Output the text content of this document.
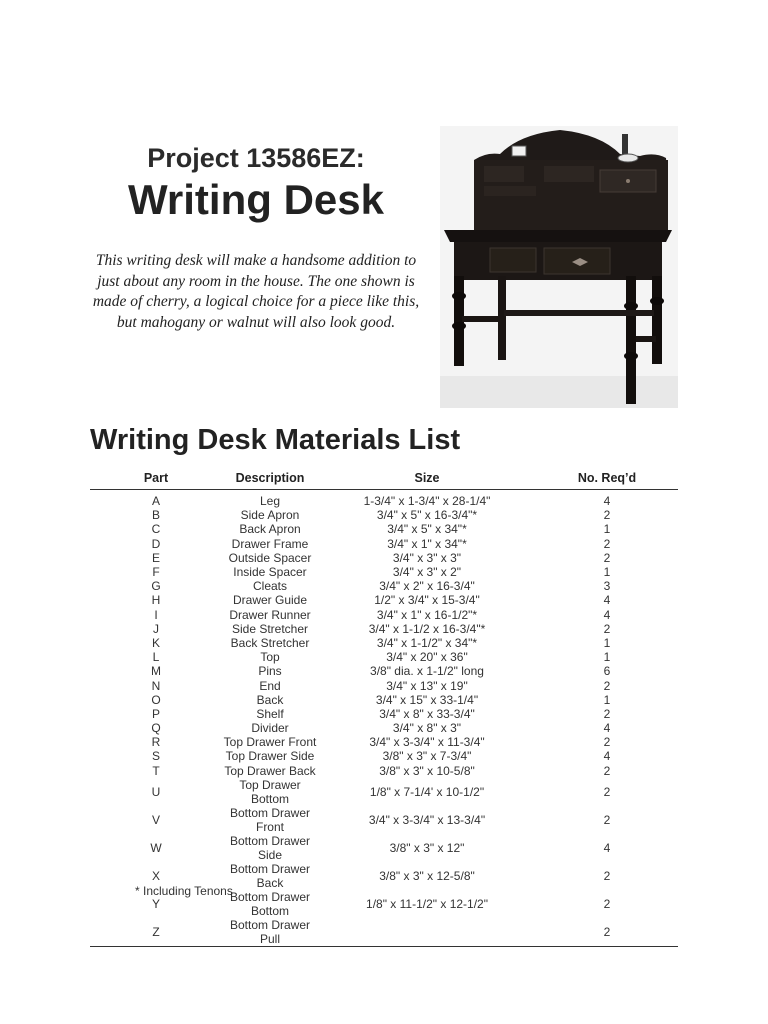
Project 13586EZ:
Writing Desk
This writing desk will make a handsome addition to just about any room in the house. The one shown is made of cherry, a logical choice for a piece like this, but mahogany or walnut will also look good.
Writing Desk Materials List
Part	Description	Size	No. Req’d
A	Leg	1-3/4" x 1-3/4" x 28-1/4"	4
B	Side Apron	3/4" x 5" x 16-3/4"*	2
C	Back Apron	3/4" x 5" x 34"*	1
D	Drawer Frame	3/4" x 1" x 34"*	2
E	Outside Spacer	3/4" x 3" x 3"	2
F	Inside Spacer	3/4" x 3" x 2"	1
G	Cleats	3/4" x 2" x 16-3/4"	3
H	Drawer Guide	1/2" x 3/4" x 15-3/4"	4
I	Drawer Runner	3/4" x 1" x 16-1/2"*	4
J	Side Stretcher	3/4" x 1-1/2 x 16-3/4"*	2
K	Back Stretcher	3/4" x 1-1/2" x 34"*	1
L	Top	3/4" x 20" x 36"	1
M	Pins	3/8" dia. x 1-1/2" long	6
N	End	3/4" x 13" x 19"	2
O	Back	3/4" x 15" x 33-1/4"	1
P	Shelf	3/4" x 8" x 33-3/4"	2
Q	Divider	3/4" x 8" x 3"	4
R	Top Drawer Front	3/4" x 3-3/4" x 11-3/4"	2
S	Top Drawer Side	3/8" x 3" x 7-3/4"	4
T	Top Drawer Back	3/8" x 3" x 10-5/8"	2
U	Top Drawer Bottom	1/8" x 7-1/4' x 10-1/2"	2
V	Bottom Drawer Front	3/4" x 3-3/4" x 13-3/4"	2
W	Bottom Drawer Side	3/8" x 3" x 12"	4
X	Bottom Drawer Back	3/8" x 3" x 12-5/8"	2
Y	Bottom Drawer Bottom	1/8" x 11-1/2" x 12-1/2"	2
Z	Bottom Drawer Pull		2
* Including Tenons
